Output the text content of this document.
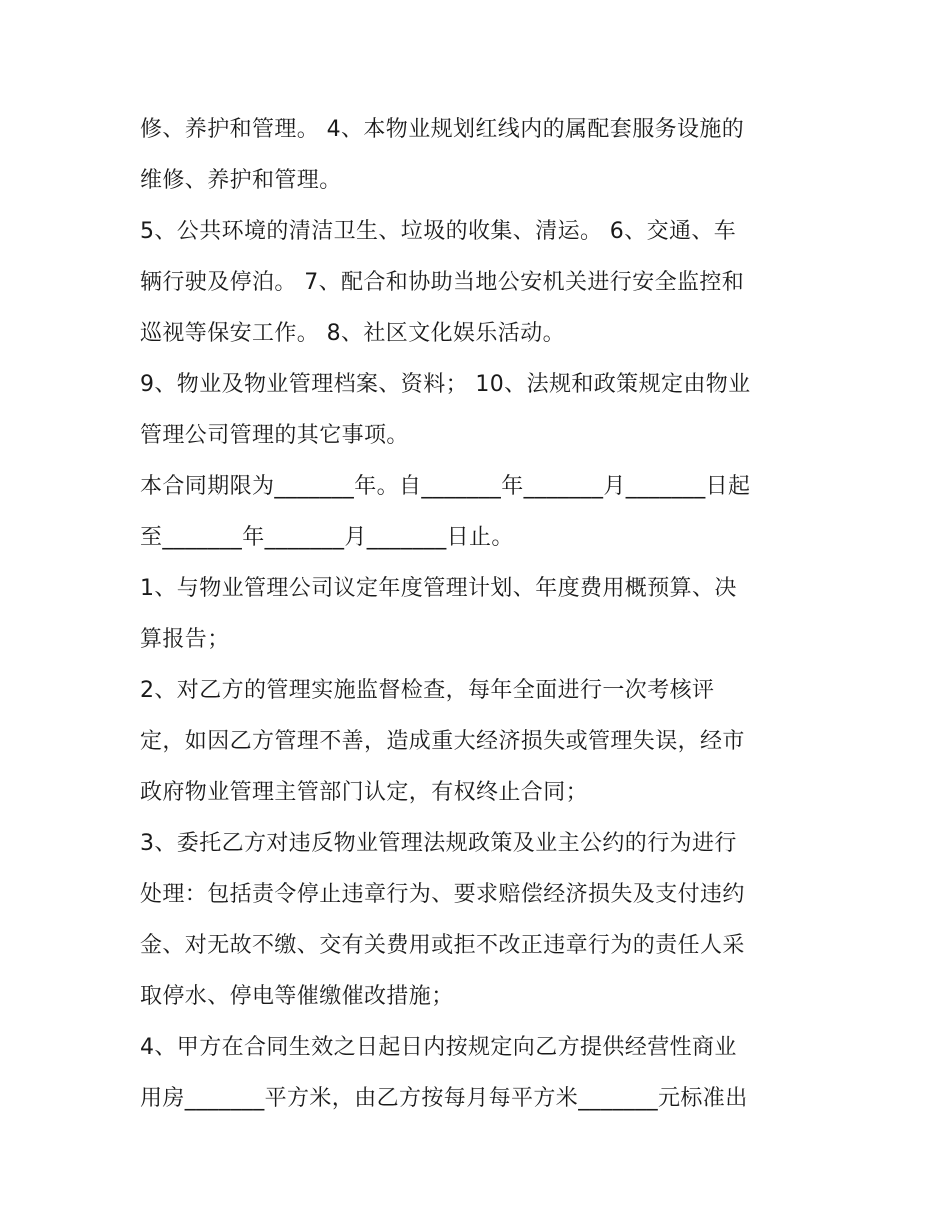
修、养护和管理。 4、本物业规划红线内的属配套服务设施的
维修、养护和管理。
5、公共环境的清洁卫生、垃圾的收集、清运。 6、交通、车
辆行驶及停泊。 7、配合和协助当地公安机关进行安全监控和
巡视等保安工作。 8、社区文化娱乐活动。
9、物业及物业管理档案、资料； 10、法规和政策规定由物业
管理公司管理的其它事项。
本合同期限为_______年。自_______年_______月_______日起
至_______年_______月_______日止。
1、与物业管理公司议定年度管理计划、年度费用概预算、决
算报告；
2、对乙方的管理实施监督检查，每年全面进行一次考核评
定，如因乙方管理不善，造成重大经济损失或管理失误，经市
政府物业管理主管部门认定，有权终止合同；
3、委托乙方对违反物业管理法规政策及业主公约的行为进行
处理：包括责令停止违章行为、要求赔偿经济损失及支付违约
金、对无故不缴、交有关费用或拒不改正违章行为的责任人采
取停水、停电等催缴催改措施；
4、甲方在合同生效之日起日内按规定向乙方提供经营性商业
用房_______平方米，由乙方按每月每平方米_______元标准出
